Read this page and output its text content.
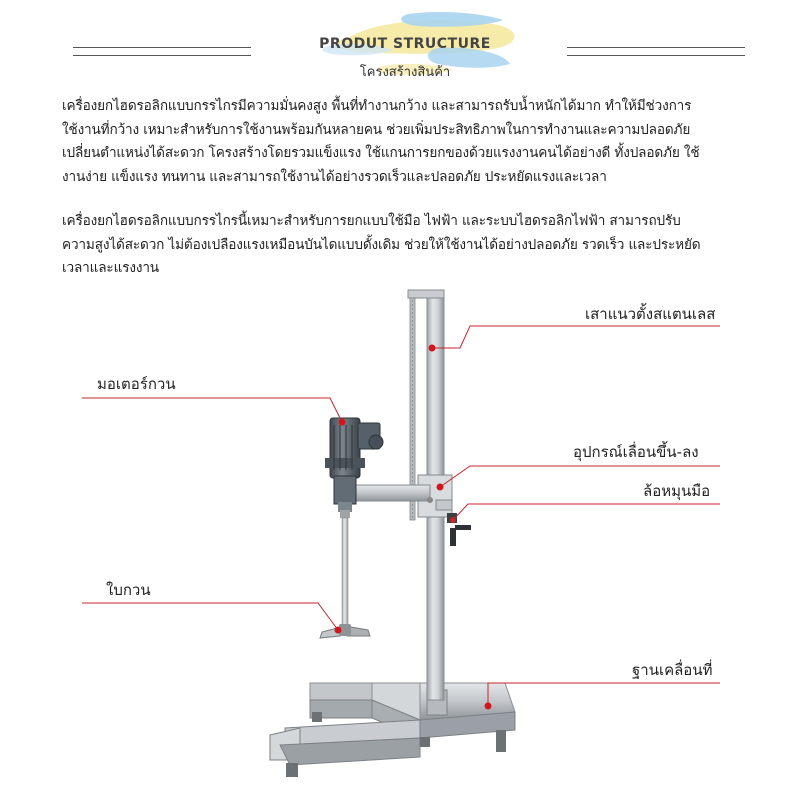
PRODUT STRUCTURE
โครงสร้างสินค้า
เครื่องยกไฮดรอลิกแบบกรรไกรมีความมั่นคงสูง พื้นที่ทำงานกว้าง และสามารถรับน้ำหนักได้มาก ทำให้มีช่วงการ
ใช้งานที่กว้าง เหมาะสำหรับการใช้งานพร้อมกันหลายคน ช่วยเพิ่มประสิทธิภาพในการทำงานและความปลอดภัย
เปลี่ยนตำแหน่งได้สะดวก โครงสร้างโดยรวมแข็งแรง ใช้แกนการยกของด้วยแรงงานคนได้อย่างดี ทั้งปลอดภัย ใช้
งานง่าย แข็งแรง ทนทาน และสามารถใช้งานได้อย่างรวดเร็วและปลอดภัย ประหยัดแรงและเวลา
เครื่องยกไฮดรอลิกแบบกรรไกรนี้เหมาะสำหรับการยกแบบใช้มือ ไฟฟ้า และระบบไฮดรอลิกไฟฟ้า สามารถปรับ
ความสูงได้สะดวก ไม่ต้องเปลืองแรงเหมือนบันไดแบบดั้งเดิม ช่วยให้ใช้งานได้อย่างปลอดภัย รวดเร็ว และประหยัด
เวลาและแรงงาน
เสาแนวตั้งสแตนเลส
มอเตอร์กวน
อุปกรณ์เลื่อนขึ้น-ลง
ล้อหมุนมือ
ใบกวน
ฐานเคลื่อนที่
